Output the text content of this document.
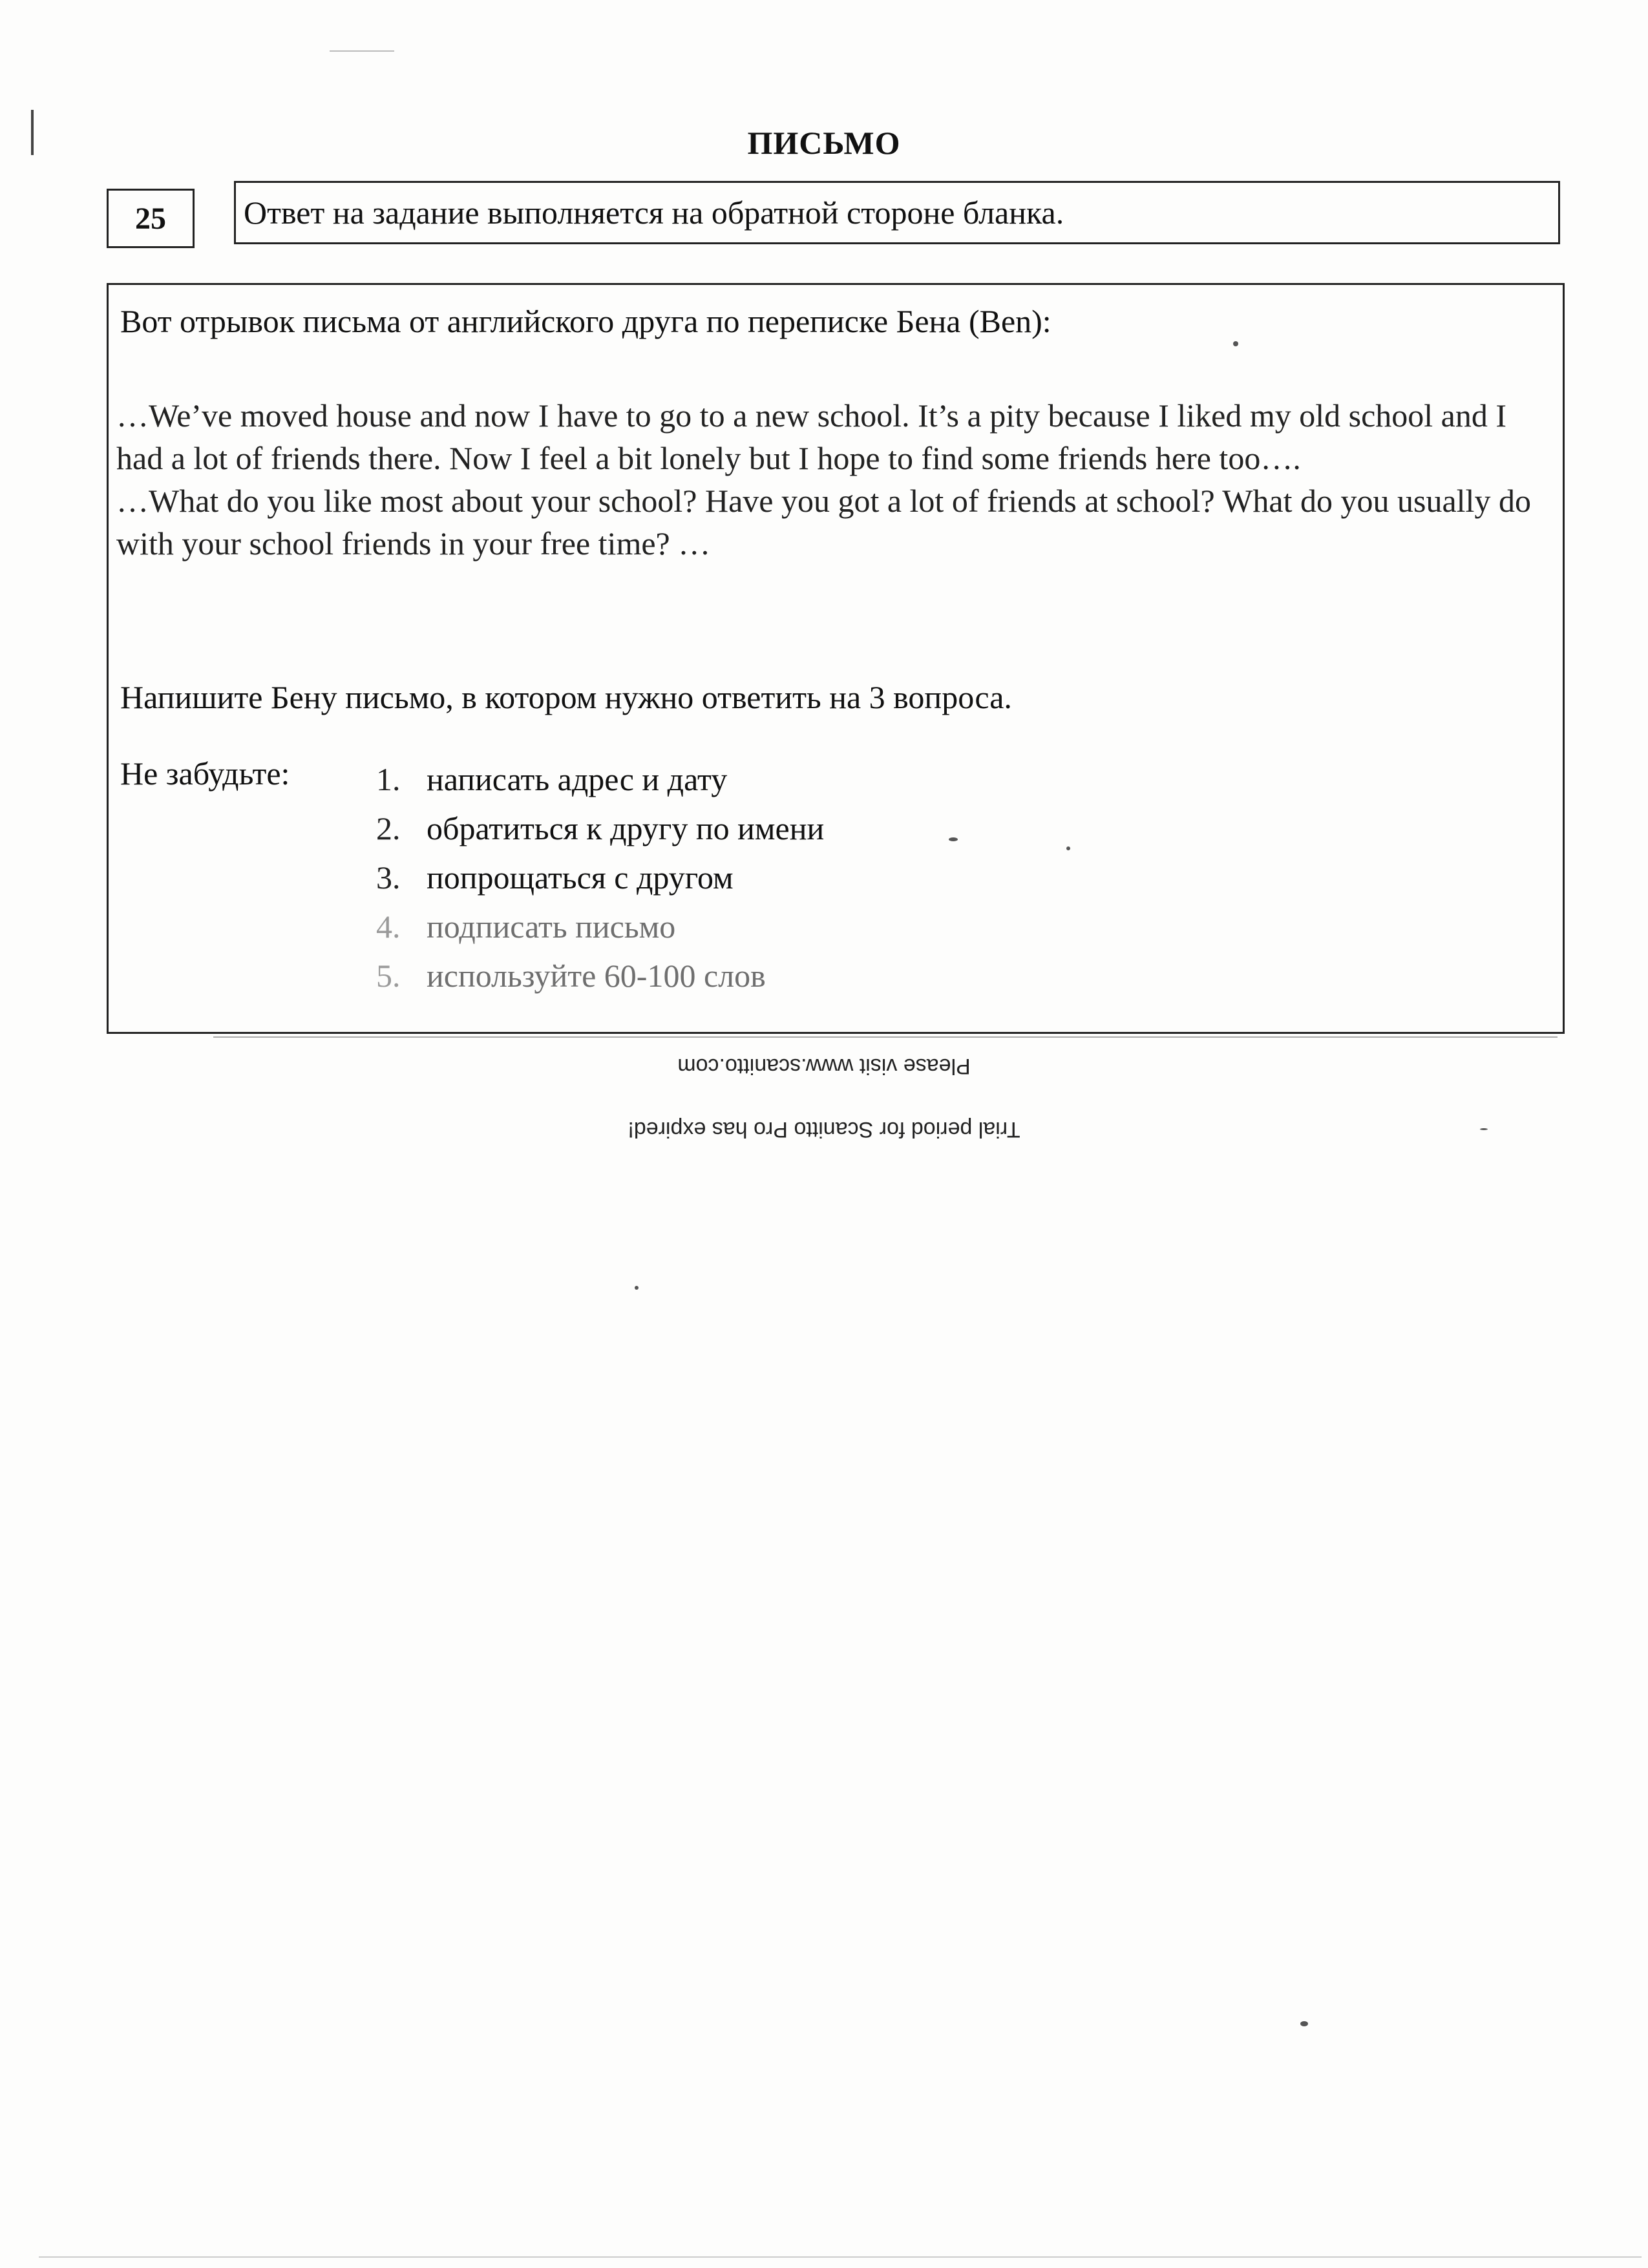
ПИСЬМО
25	Ответ на задание выполняется на обратной стороне бланка.
Вот отрывок письма от английского друга по переписке Бена (Ben):

…We’ve moved house and now I have to go to a new school. It’s a pity because I liked my old school and I had a lot of friends there. Now I feel a bit lonely but I hope to find some friends here too….

…What do you like most about your school? Have you got a lot of friends at school? What do you usually do with your school friends in your free time? …

Напишите Бену письмо, в котором нужно ответить на 3 вопроса.
Не забудьте:	1. написать адрес и дату
2. обратиться к другу по имени
3. попрощаться с другом
4. подписать письмо
5. используйте 60-100 слов
Please visit www.scanitto.com
Trial period for Scanitto Pro has expired!
